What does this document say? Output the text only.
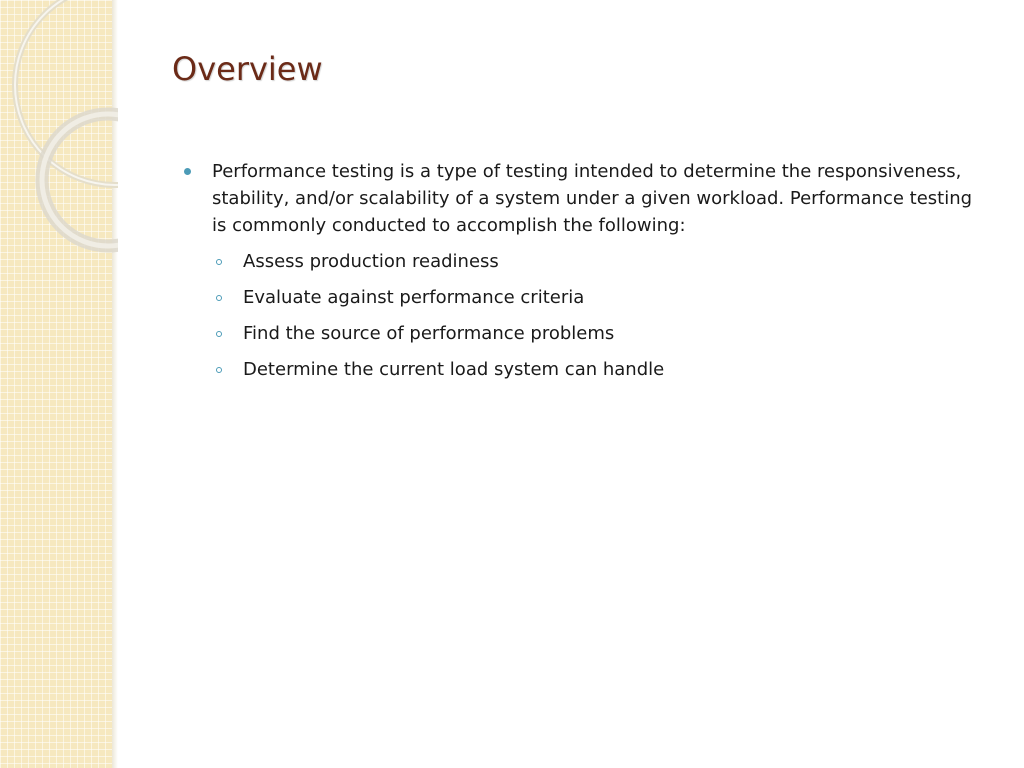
Overview
Performance testing is a type of testing intended to determine the responsiveness, stability, and/or scalability of a system under a given workload. Performance testing is commonly conducted to accomplish the following:
Assess production readiness
Evaluate against performance criteria
Find the source of performance problems
Determine the current load system can handle
